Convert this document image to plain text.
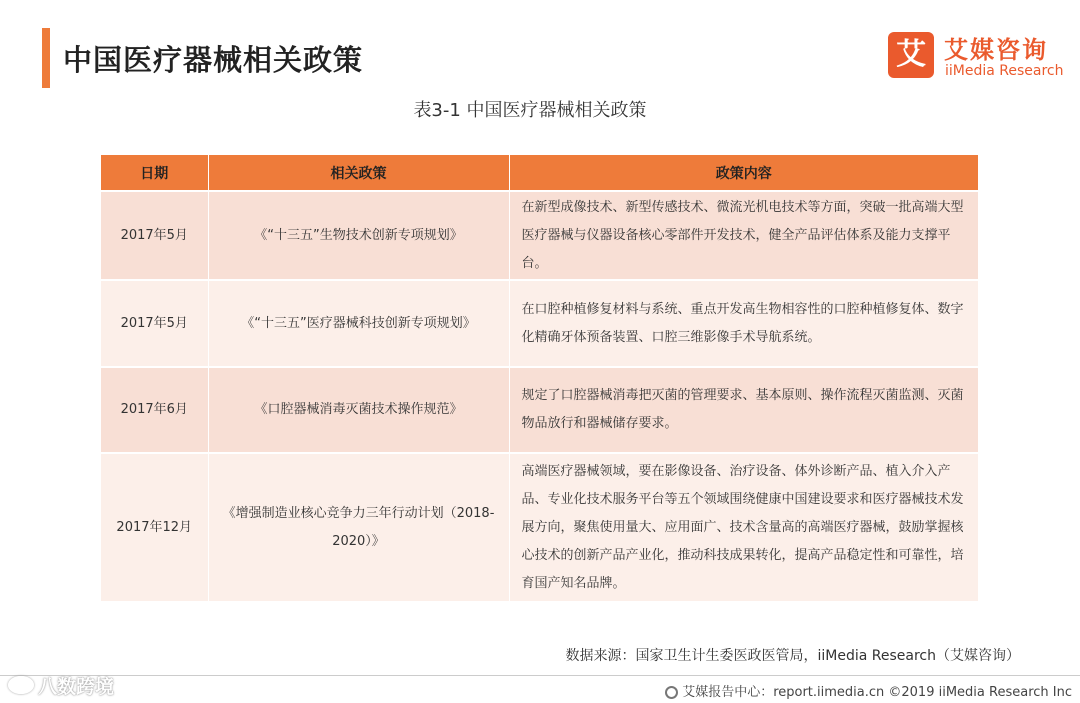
中国医疗器械相关政策	艾 艾媒咨询
iiMedia Research
表3-1 中国医疗器械相关政策
日期	相关政策	政策内容
2017年5月	《“十三五”生物技术创新专项规划》	在新型成像技术、新型传感技术、微流光机电技术等方面，突破一批高端大型医疗器械与仪器设备核心零部件开发技术，健全产品评估体系及能力支撑平台。
2017年5月	《“十三五”医疗器械科技创新专项规划》	在口腔种植修复材料与系统、重点开发高生物相容性的口腔种植修复体、数字化精确牙体预备装置、口腔三维影像手术导航系统。
2017年6月	《口腔器械消毒灭菌技术操作规范》	规定了口腔器械消毒把灭菌的管理要求、基本原则、操作流程灭菌监测、灭菌物品放行和器械储存要求。
2017年12月	《增强制造业核心竞争力三年行动计划（2018-2020）》	高端医疗器械领域，要在影像设备、治疗设备、体外诊断产品、植入介入产品、专业化技术服务平台等五个领域围绕健康中国建设要求和医疗器械技术发展方向，聚焦使用量大、应用面广、技术含量高的高端医疗器械，鼓励掌握核心技术的创新产品产业化，推动科技成果转化，提高产品稳定性和可靠性，培育国产知名品牌。
数据来源：国家卫生计生委医政医管局，iiMedia Research（艾媒咨询）
八数跨境	艾媒报告中心：report.iimedia.cn ©2019 iiMedia Research Inc
